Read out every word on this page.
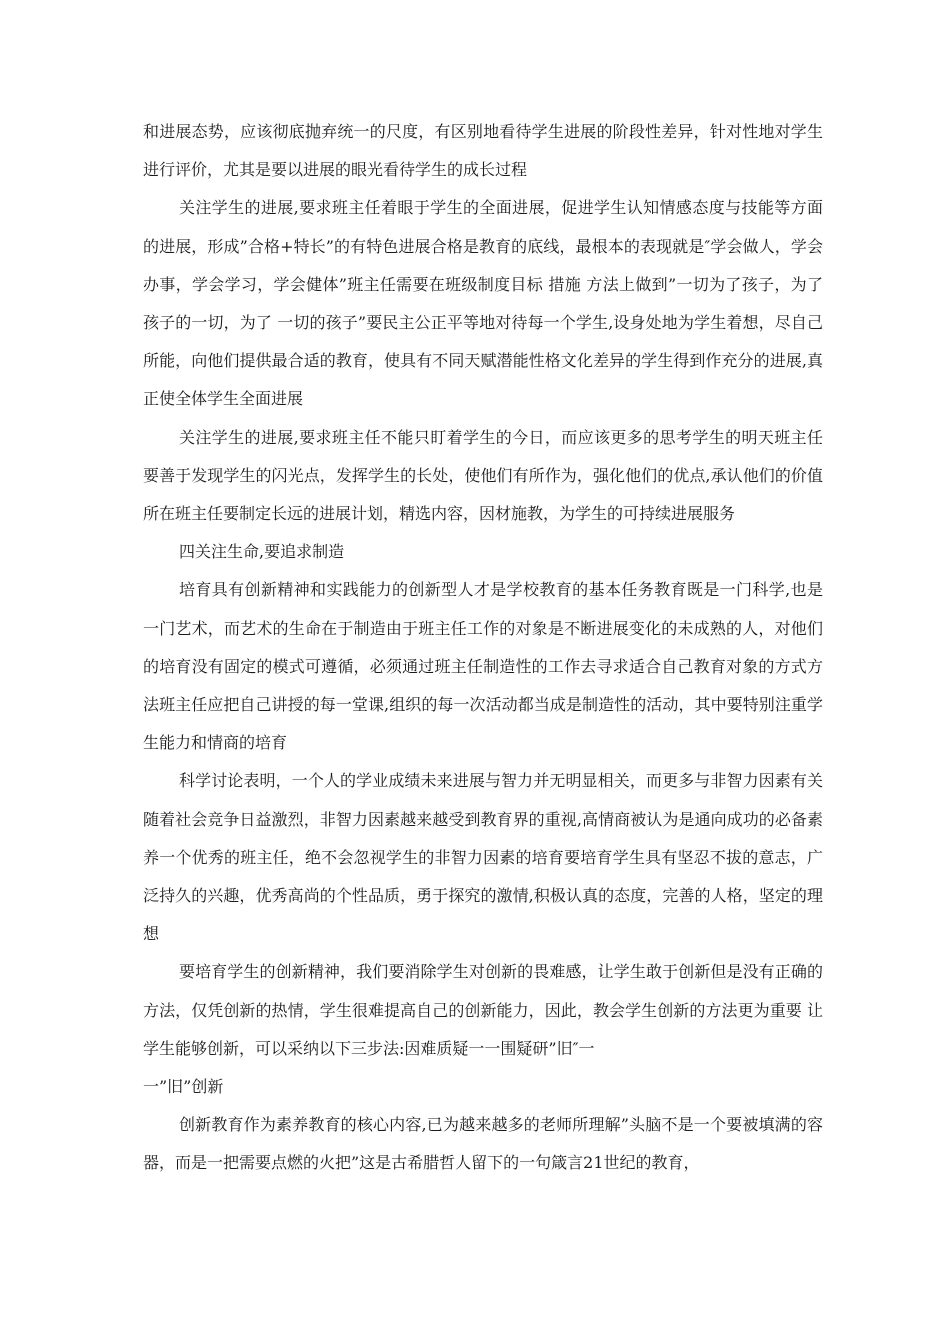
和进展态势，应该彻底抛弃统一的尺度，有区别地看待学生进展的阶段性差异，针对性地对学生进行评价，尤其是要以进展的眼光看待学生的成长过程

关注学生的进展,要求班主任着眼于学生的全面进展，促进学生认知情感态度与技能等方面的进展，形成”合格+特长”的有特色进展合格是教育的底线，最根本的表现就是″学会做人，学会办事，学会学习，学会健体”班主任需要在班级制度目标 措施 方法上做到”一切为了孩子，为了孩子的一切，为了 一切的孩子”要民主公正平等地对待每一个学生,设身处地为学生着想，尽自己所能，向他们提供最合适的教育，使具有不同天赋潜能性格文化差异的学生得到作充分的进展,真正使全体学生全面进展

关注学生的进展,要求班主任不能只盯着学生的今日，而应该更多的思考学生的明天班主任要善于发现学生的闪光点，发挥学生的长处，使他们有所作为，强化他们的优点,承认他们的价值所在班主任要制定长远的进展计划，精选内容，因材施教，为学生的可持续进展服务

四关注生命,要追求制造

培育具有创新精神和实践能力的创新型人才是学校教育的基本任务教育既是一门科学,也是一门艺术，而艺术的生命在于制造由于班主任工作的对象是不断进展变化的未成熟的人，对他们的培育没有固定的模式可遵循，必须通过班主任制造性的工作去寻求适合自己教育对象的方式方法班主任应把自己讲授的每一堂课,组织的每一次活动都当成是制造性的活动，其中要特别注重学生能力和情商的培育

科学讨论表明，一个人的学业成绩未来进展与智力并无明显相关，而更多与非智力因素有关随着社会竞争日益激烈，非智力因素越来越受到教育界的重视,高情商被认为是通向成功的必备素养一个优秀的班主任，绝不会忽视学生的非智力因素的培育要培育学生具有坚忍不拔的意志，广泛持久的兴趣，优秀高尚的个性品质，勇于探究的激情,积极认真的态度，完善的人格，坚定的理想

要培育学生的创新精神，我们要消除学生对创新的畏难感，让学生敢于创新但是没有正确的方法，仅凭创新的热情，学生很难提高自己的创新能力，因此，教会学生创新的方法更为重要 让学生能够创新，可以采纳以下三步法:因难质疑一一围疑研”旧″一

一”旧”创新

创新教育作为素养教育的核心内容,已为越来越多的老师所理解”头脑不是一个要被填满的容器，而是一把需要点燃的火把”这是古希腊哲人留下的一句箴言21世纪的教育，
